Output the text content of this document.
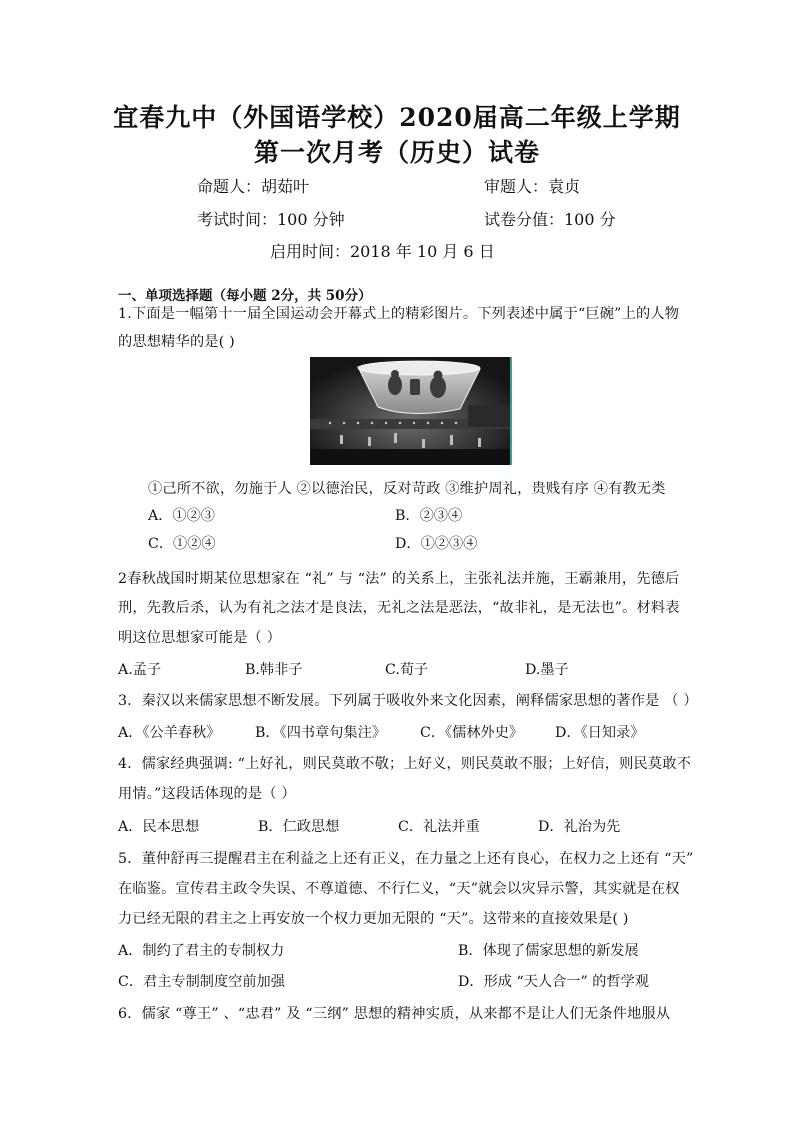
宜春九中（外国语学校）2020届高二年级上学期
第一次月考（历史）试卷
命题人：胡茹叶	审题人：袁贞
考试时间：100 分钟	试卷分值：100 分
启用时间：2018 年 10 月 6 日
一、单项选择题（每小题 2分，共 50分）
1.下面是一幅第十一届全国运动会开幕式上的精彩图片。下列表述中属于“巨碗”上的人物
的思想精华的是( )
①己所不欲，勿施于人 ②以德治民，反对苛政 ③维护周礼，贵贱有序 ④有教无类
A．①②③	B．②③④
C．①②④	D．①②③④
2春秋战国时期某位思想家在 “礼” 与 “法” 的关系上，主张礼法并施，王霸兼用，先德后
刑，先教后杀，认为有礼之法才是良法，无礼之法是恶法，“故非礼，是无法也”。材料表
明这位思想家可能是（ ）
A.孟子	B.韩非子	C.荀子	D.墨子
3．秦汉以来儒家思想不断发展。下列属于吸收外来文化因素，阐释儒家思想的著作是 （ ）
A．《公羊春秋》 B．《四书章句集注》 C．《儒林外史》 D．《日知录》
4．儒家经典强调: “上好礼，则民莫敢不敬；上好义，则民莫敢不服；上好信，则民莫敢不
用情。”这段话体现的是（ ）
A．民本思想	B．仁政思想	C．礼法并重	D．礼治为先
5．董仲舒再三提醒君主在利益之上还有正义，在力量之上还有良心，在权力之上还有 “天”
在临鉴。宣传君主政令失误、不尊道德、不行仁义，“天”就会以灾异示警，其实就是在权
力已经无限的君主之上再安放一个权力更加无限的 “天”。这带来的直接效果是( )
A．制约了君主的专制权力	B．体现了儒家思想的新发展
C．君主专制制度空前加强	D．形成 “天人合一” 的哲学观
6．儒家 “尊王” 、“忠君” 及 “三纲” 思想的精神实质，从来都不是让人们无条件地服从
